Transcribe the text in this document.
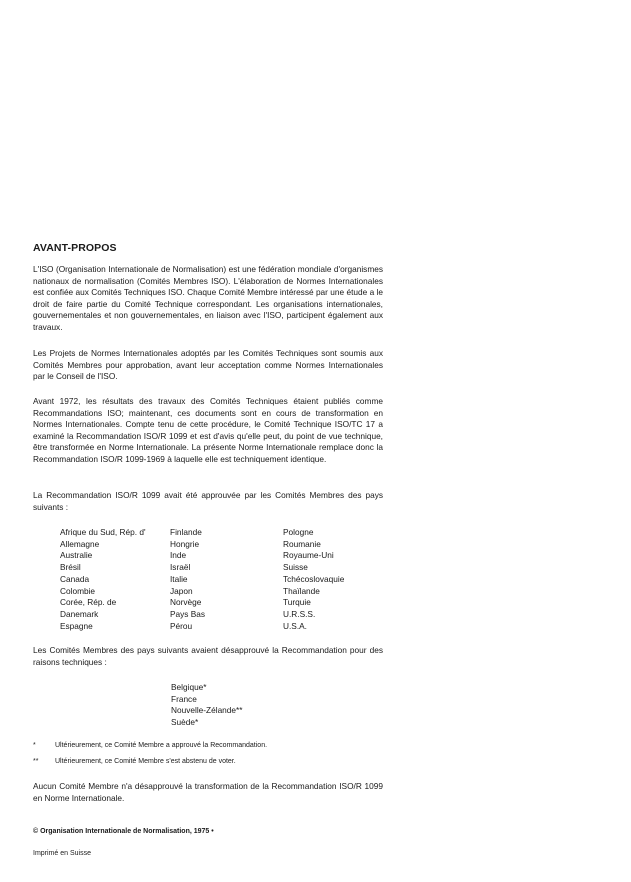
AVANT-PROPOS
L'ISO (Organisation Internationale de Normalisation) est une fédération mondiale d'organismes nationaux de normalisation (Comités Membres ISO). L'élaboration de Normes Internationales est confiée aux Comités Techniques ISO. Chaque Comité Membre intéressé par une étude a le droit de faire partie du Comité Technique correspondant. Les organisations internationales, gouvernementales et non gouvernementales, en liaison avec l'ISO, participent également aux travaux.
Les Projets de Normes Internationales adoptés par les Comités Techniques sont soumis aux Comités Membres pour approbation, avant leur acceptation comme Normes Internationales par le Conseil de l'ISO.
Avant 1972, les résultats des travaux des Comités Techniques étaient publiés comme Recommandations ISO; maintenant, ces documents sont en cours de transformation en Normes Internationales. Compte tenu de cette procédure, le Comité Technique ISO/TC 17 a examiné la Recommandation ISO/R 1099 et est d'avis qu'elle peut, du point de vue technique, être transformée en Norme Internationale. La présente Norme Internationale remplace donc la Recommandation ISO/R 1099-1969 à laquelle elle est techniquement identique.
La Recommandation ISO/R 1099 avait été approuvée par les Comités Membres des pays suivants :
Afrique du Sud, Rép. d'
Allemagne
Australie
Brésil
Canada
Colombie
Corée, Rép. de
Danemark
Espagne
Finlande
Hongrie
Inde
Israël
Italie
Japon
Norvège
Pays Bas
Pérou
Pologne
Roumanie
Royaume-Uni
Suisse
Tchécoslovaquie
Thaïlande
Turquie
U.R.S.S.
U.S.A.
Les Comités Membres des pays suivants avaient désapprouvé la Recommandation pour des raisons techniques :
Belgique*
France
Nouvelle-Zélande**
Suède*
*	Ultérieurement, ce Comité Membre a approuvé la Recommandation.
** Ultérieurement, ce Comité Membre s'est abstenu de voter.
Aucun Comité Membre n'a désapprouvé la transformation de la Recommandation ISO/R 1099 en Norme Internationale.
© Organisation Internationale de Normalisation, 1975 •
Imprimé en Suisse
